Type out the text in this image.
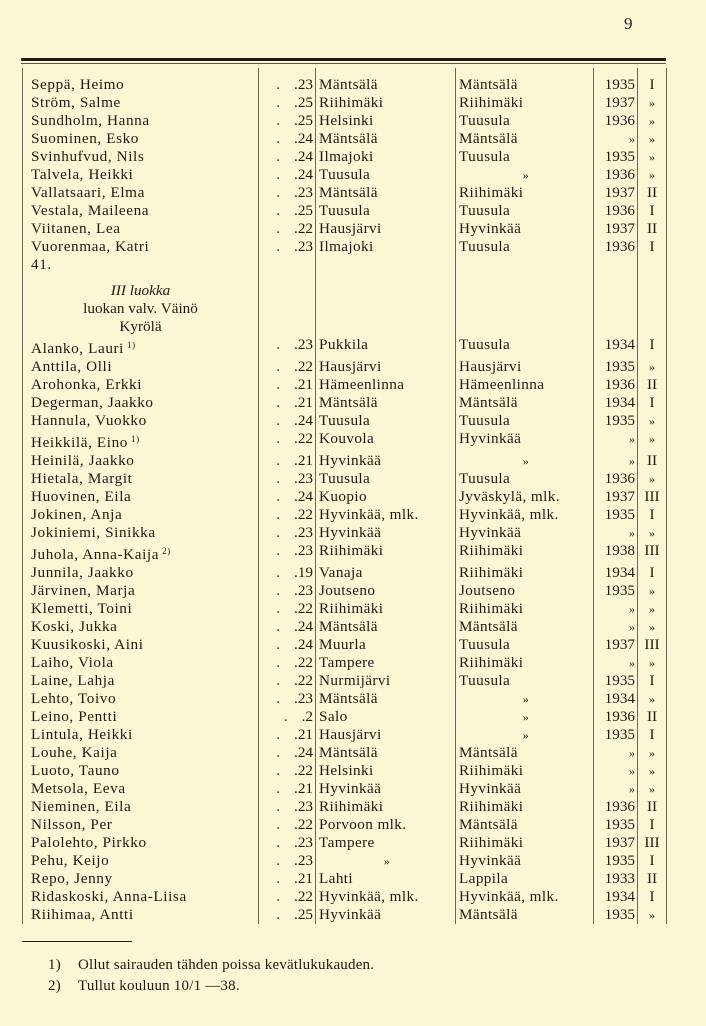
9

Seppä, Heimo	. .23	Mäntsälä	Mäntsälä	1935	I
Ström, Salme	. .25	Riihimäki	Riihimäki	1937	»
Sundholm, Hanna	. .25	Helsinki	Tuusula	1936	»
Suominen, Esko	. .24	Mäntsälä	Mäntsälä	»	»
Svinhufvud, Nils	. .24	Ilmajoki	Tuusula	1935	»
Talvela, Heikki	. .24	Tuusula	»	1936	»
Vallatsaari, Elma	. .23	Mäntsälä	Riihimäki	1937	II
Vestala, Maileena	. .25	Tuusula	Tuusula	1936	I
Viitanen, Lea	. .22	Hausjärvi	Hyvinkää	1937	II
Vuorenmaa, Katri	. .23	Ilmajoki	Tuusula	1936	I
41.					

III luokka					
luokan valv. Väinö					
Kyrölä					
Alanko, Lauri $^{1)}$	. .23	Pukkila	Tuusula	1934	I
Anttila, Olli	. .22	Hausjärvi	Hausjärvi	1935	»
Arohonka, Erkki	. .21	Hämeenlinna	Hämeenlinna	1936	II
Degerman, Jaakko	. .21	Mäntsälä	Mäntsälä	1934	I
Hannula, Vuokko	. .24	Tuusula	Tuusula	1935	»
Heikkilä, Eino $^{1)}$	. .22	Kouvola	Hyvinkää	»	»
Heinilä, Jaakko	. .21	Hyvinkää	»	»	II
Hietala, Margit	. .23	Tuusula	Tuusula	1936	»
Huovinen, Eila	. .24	Kuopio	Jyväskylä, mlk.	1937	III
Jokinen, Anja	. .22	Hyvinkää, mlk.	Hyvinkää, mlk.	1935	I
Jokiniemi, Sinikka	. .23	Hyvinkää	Hyvinkää	»	»
Juhola, Anna-Kaija $^{2)}$	. .23	Riihimäki	Riihimäki	1938	III
Junnila, Jaakko	. .19	Vanaja	Riihimäki	1934	I
Järvinen, Marja	. .23	Joutseno	Joutseno	1935	»
Klemetti, Toini	. .22	Riihimäki	Riihimäki	»	»
Koski, Jukka	. .24	Mäntsälä	Mäntsälä	»	»
Kuusikoski, Aini	. .24	Muurla	Tuusula	1937	III
Laiho, Viola	. .22	Tampere	Riihimäki	»	»
Laine, Lahja	. .22	Nurmijärvi	Tuusula	1935	I
Lehto, Toivo	. .23	Mäntsälä	»	1934	»
Leino, Pentti	. .2	Salo	»	1936	II
Lintula, Heikki	. .21	Hausjärvi	»	1935	I
Louhe, Kaija	. .24	Mäntsälä	Mäntsälä	»	»
Luoto, Tauno	. .22	Helsinki	Riihimäki	»	»
Metsola, Eeva	. .21	Hyvinkää	Hyvinkää	»	»
Nieminen, Eila	. .23	Riihimäki	Riihimäki	1936	II
Nilsson, Per	. .22	Porvoon mlk.	Mäntsälä	1935	I
Palolehto, Pirkko	. .23	Tampere	Riihimäki	1937	III
Pehu, Keijo	. .23	»	Hyvinkää	1935	I
Repo, Jenny	. .21	Lahti	Lappila	1933	II
Ridaskoski, Anna-Liisa	. .22	Hyvinkää, mlk.	Hyvinkää, mlk.	1934	I
Riihimaa, Antti	. .25	Hyvinkää	Mäntsälä	1935	»
1) Ollut sairauden tähden poissa kevätlukukauden.
2) Tullut kouluun 10/1 —38.
